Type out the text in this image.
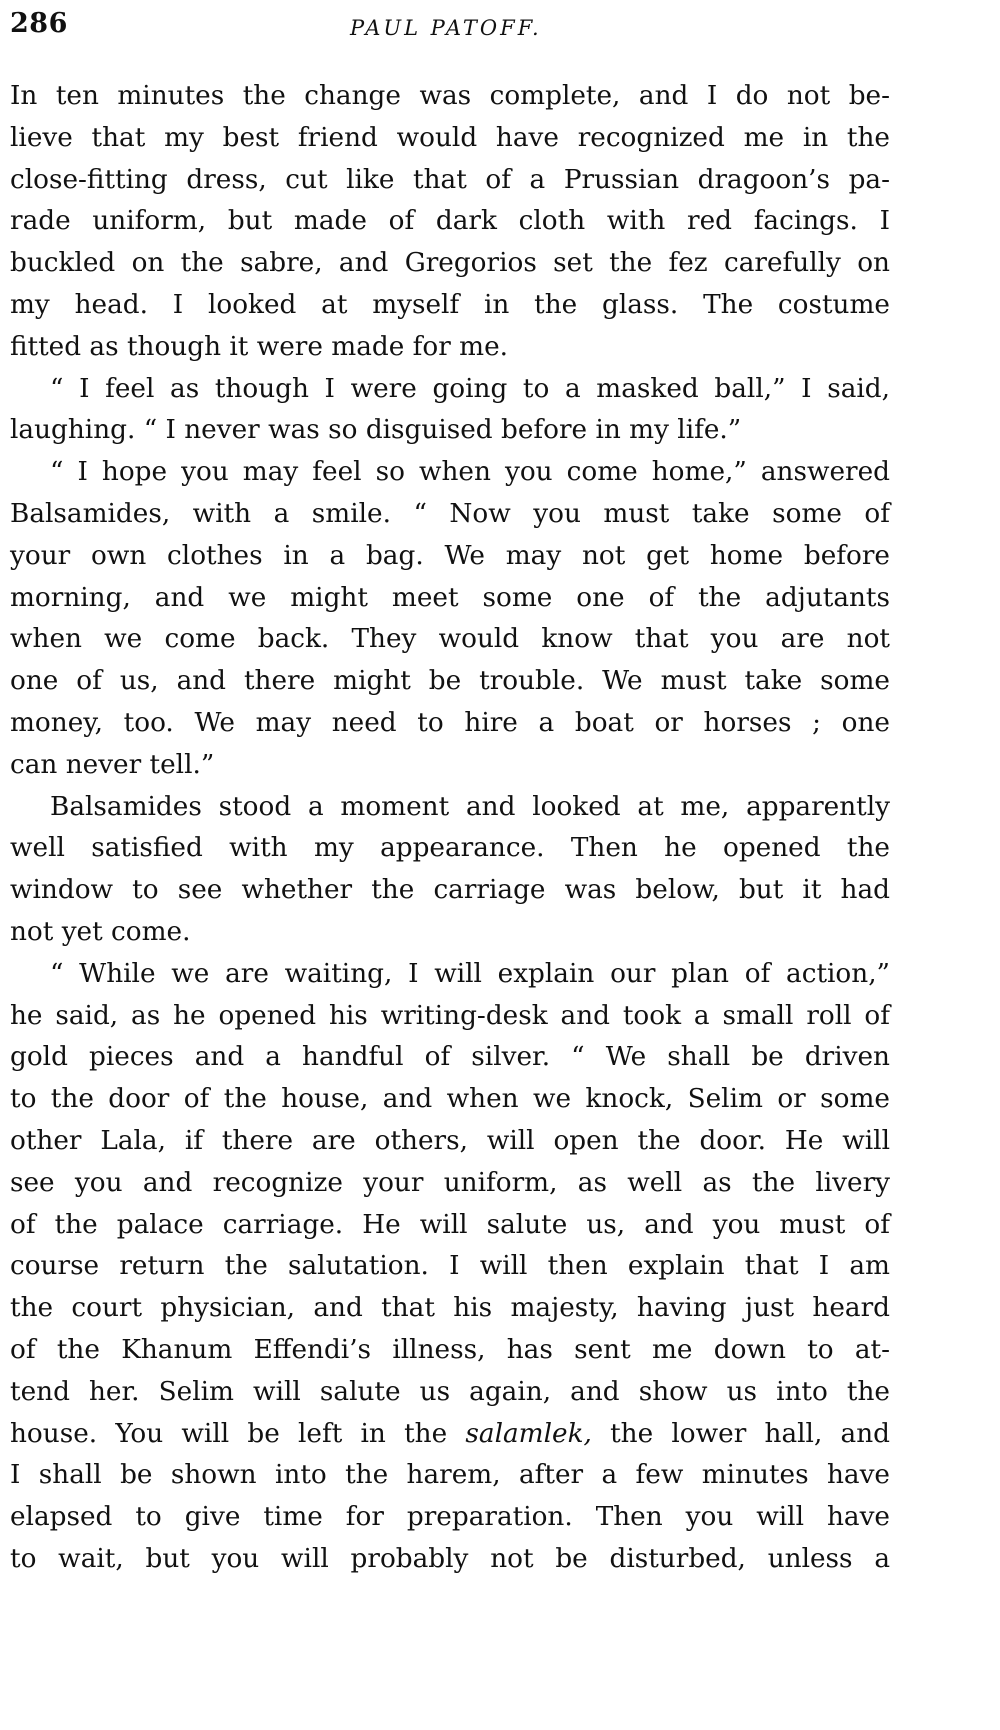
286	PAUL PATOFF.
In ten minutes the change was complete, and I do not be-
lieve that my best friend would have recognized me in the
close-fitting dress, cut like that of a Prussian dragoon’s pa-
rade uniform, but made of dark cloth with red facings. I
buckled on the sabre, and Gregorios set the fez carefully on
my head. I looked at myself in the glass. The costume
fitted as though it were made for me.
“ I feel as though I were going to a masked ball,” I said,
laughing. “ I never was so disguised before in my life.”
“ I hope you may feel so when you come home,” answered
Balsamides, with a smile. “ Now you must take some of
your own clothes in a bag. We may not get home before
morning, and we might meet some one of the adjutants
when we come back. They would know that you are not
one of us, and there might be trouble. We must take some
money, too. We may need to hire a boat or horses ; one
can never tell.”
Balsamides stood a moment and looked at me, apparently
well satisfied with my appearance. Then he opened the
window to see whether the carriage was below, but it had
not yet come.
“ While we are waiting, I will explain our plan of action,”
he said, as he opened his writing-desk and took a small roll of
gold pieces and a handful of silver. “ We shall be driven
to the door of the house, and when we knock, Selim or some
other Lala, if there are others, will open the door. He will
see you and recognize your uniform, as well as the livery
of the palace carriage. He will salute us, and you must of
course return the salutation. I will then explain that I am
the court physician, and that his majesty, having just heard
of the Khanum Effendi’s illness, has sent me down to at-
tend her. Selim will salute us again, and show us into the
house. You will be left in the salamlek, the lower hall, and
I shall be shown into the harem, after a few minutes have
elapsed to give time for preparation. Then you will have
to wait, but you will probably not be disturbed, unless a
